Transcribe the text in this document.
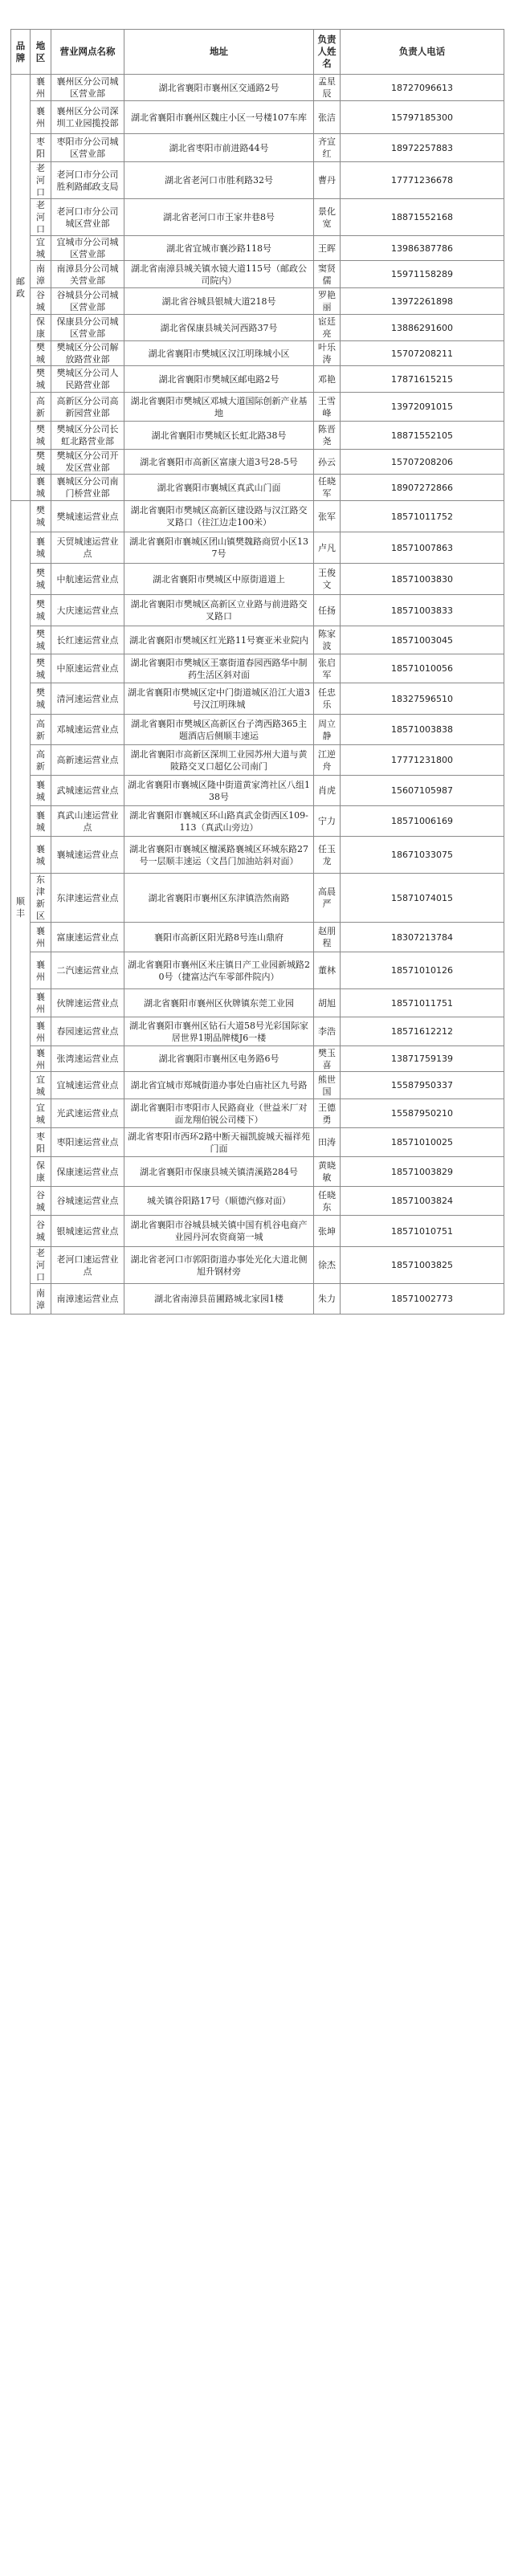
品牌	地区	营业网点名称	地址	负责人姓名	负责人电话
邮政	襄州	襄州区分公司城区营业部	湖北省襄阳市襄州区交通路2号	孟星辰	18727096613
	襄州	襄州区分公司深圳工业园揽投部	湖北省襄阳市襄州区魏庄小区一号楼107车库	张洁	15797185300
	枣阳	枣阳市分公司城区营业部	湖北省枣阳市前进路44号	齐宣红	18972257883
	老河口	老河口市分公司胜利路邮政支局	湖北省老河口市胜利路32号	曹丹	17771236678
	老河口	老河口市分公司城区营业部	湖北省老河口市王家井巷8号	景化宽	18871552168
	宜城	宜城市分公司城区营业部	湖北省宜城市襄沙路118号	王晖	13986387786
	南漳	南漳县分公司城关营业部	湖北省南漳县城关镇水镜大道115号（邮政公司院内）	窦贤儒	15971158289
	谷城	谷城县分公司城区营业部	湖北省谷城县银城大道218号	罗艳丽	13972261898
	保康	保康县分公司城区营业部	湖北省保康县城关河西路37号	宦廷亮	13886291600
	樊城	樊城区分公司解放路营业部	湖北省襄阳市樊城区汉江明珠城小区	叶乐涛	15707208211
	樊城	樊城区分公司人民路营业部	湖北省襄阳市樊城区邮电路2号	邓艳	17871615215
	高新	高新区分公司高新园营业部	湖北省襄阳市樊城区邓城大道国际创新产业基地	王雪峰	13972091015
	樊城	樊城区分公司长虹北路营业部	湖北省襄阳市樊城区长虹北路38号	陈晋尧	18871552105
	樊城	樊城区分公司开发区营业部	湖北省襄阳市高新区富康大道3号28-5号	孙云	15707208206
	襄城	襄城区分公司南门桥营业部	湖北省襄阳市襄城区真武山门面	任晓军	18907272866
顺丰	樊城	樊城速运营业点	湖北省襄阳市樊城区高新区建设路与汉江路交叉路口（往江边走100米）	张军	18571011752
	襄城	天贸城速运营业点	湖北省襄阳市襄城区团山镇樊魏路商贸小区137号	卢凡	18571007863
	樊城	中航速运营业点	湖北省襄阳市樊城区中原街道道上	王俊文	18571003830
	樊城	大庆速运营业点	湖北省襄阳市樊城区高新区立业路与前进路交叉路口	任扬	18571003833
	樊城	长红速运营业点	湖北省襄阳市樊城区红光路11号赛亚米业院内	陈家波	18571003045
	樊城	中原速运营业点	湖北省襄阳市樊城区王寨街道春园西路华中制药生活区斜对面	张启军	18571010056
	樊城	清河速运营业点	湖北省襄阳市樊城区定中门街道城区沿江大道3号汉江明珠城	任忠乐	18327596510
	高新	邓城速运营业点	湖北省襄阳市樊城区高新区台子湾西路365主题酒店后侧顺丰速运	周立静	18571003838
	高新	高新速运营业点	湖北省襄阳市高新区深圳工业园苏州大道与黄陂路交叉口超亿公司南门	江逆舟	17771231800
	襄城	武城速运营业点	湖北省襄阳市襄城区隆中街道黄家湾社区八组138号	肖虎	15607105987
	襄城	真武山速运营业点	湖北省襄阳市襄城区环山路真武金街西区109-113（真武山旁边）	宁力	18571006169
	襄城	襄城速运营业点	湖北省襄阳市襄城区檀溪路襄城区环城东路27号一层顺丰速运（文昌门加油站斜对面）	任玉龙	18671033075
	东津新区	东津速运营业点	湖北省襄阳市襄州区东津镇浩然南路	高晨严	15871074015
	襄州	富康速运营业点	襄阳市高新区阳光路8号连山鼎府	赵朋程	18307213784
	襄州	二汽速运营业点	湖北省襄阳市襄州区米庄镇日产工业园新城路20号（捷富达汽车零部件院内）	董林	18571010126
	襄州	伙牌速运营业点	湖北省襄阳市襄州区伙牌镇东莞工业园	胡旭	18571011751
	襄州	春园速运营业点	湖北省襄阳市襄州区钻石大道58号光彩国际家居世界1期品牌楼J6一楼	李浩	18571612212
	襄州	张湾速运营业点	湖北省襄阳市襄州区电务路6号	樊玉喜	13871759139
	宜城	宜城速运营业点	湖北省宜城市郑城街道办事处白庙社区九号路	熊世国	15587950337
	宜城	光武速运营业点	湖北省襄阳市枣阳市人民路商业（世益米厂对面龙翔伯锐公司楼下）	王德勇	15587950210
	枣阳	枣阳速运营业点	湖北省枣阳市西环2路中断天福凯旋城天福祥苑门面	田涛	18571010025
	保康	保康速运营业点	湖北省襄阳市保康县城关镇清溪路284号	黄晓敏	18571003829
	谷城	谷城速运营业点	城关镇谷阳路17号（顺德汽修对面）	任晓东	18571003824
	谷城	银城速运营业点	湖北省襄阳市谷城县城关镇中国有机谷电商产业园丹河农资商第一城	张坤	18571010751
	老河口	老河口速运营业点	湖北省老河口市郭阳街道办事处光化大道北侧旭升钢材旁	徐杰	18571003825
	南漳	南漳速运营业点	湖北省南漳县苗圃路城北家园1楼	朱力	18571002773
